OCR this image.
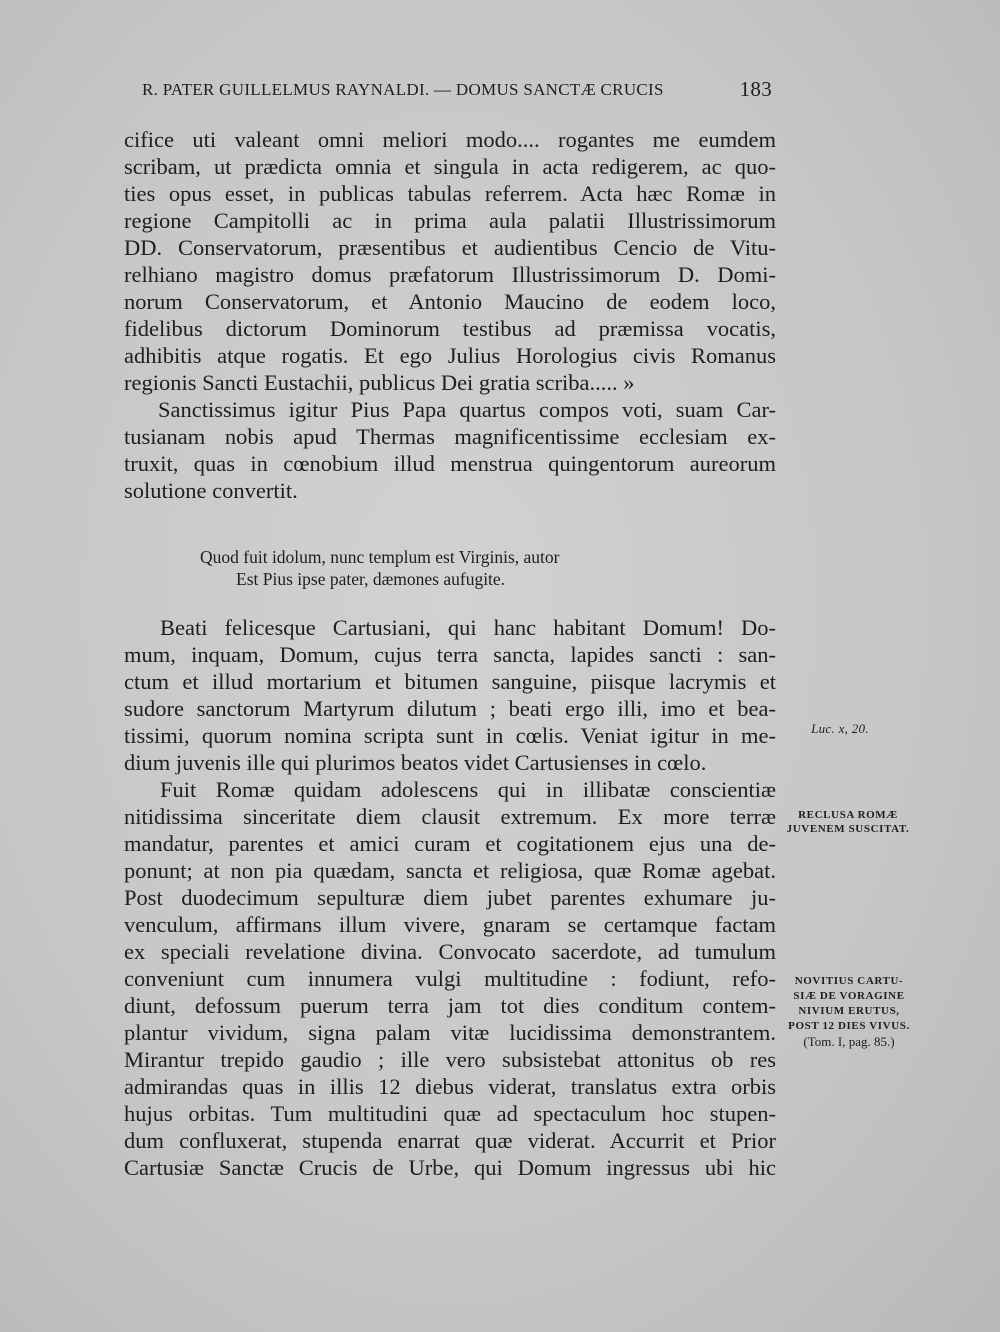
R. PATER GUILLELMUS RAYNALDI. — DOMUS SANCTÆ CRUCIS	183
cifice uti valeant omni meliori modo.... rogantes me eumdem
scribam, ut prædicta omnia et singula in acta redigerem, ac quo-
ties opus esset, in publicas tabulas referrem. Acta hæc Romæ in
regione Campitolli ac in prima aula palatii Illustrissimorum
DD. Conservatorum, præsentibus et audientibus Cencio de Vitu-
relhiano magistro domus præfatorum Illustrissimorum D. Domi-
norum Conservatorum, et Antonio Maucino de eodem loco,
fidelibus dictorum Dominorum testibus ad præmissa vocatis,
adhibitis atque rogatis. Et ego Julius Horologius civis Romanus
regionis Sancti Eustachii, publicus Dei gratia scriba..... »
Sanctissimus igitur Pius Papa quartus compos voti, suam Car-
tusianam nobis apud Thermas magnificentissime ecclesiam ex-
truxit, quas in cœnobium illud menstrua quingentorum aureorum
solutione convertit.
Quod fuit idolum, nunc templum est Virginis, autor
Est Pius ipse pater, dæmones aufugite.
Beati felicesque Cartusiani, qui hanc habitant Domum! Do-
mum, inquam, Domum, cujus terra sancta, lapides sancti : san-
ctum et illud mortarium et bitumen sanguine, piisque lacrymis et
sudore sanctorum Martyrum dilutum ; beati ergo illi, imo et bea-
tissimi, quorum nomina scripta sunt in cœlis. Veniat igitur in me-
dium juvenis ille qui plurimos beatos videt Cartusienses in cœlo.
Fuit Romæ quidam adolescens qui in illibatæ conscientiæ
nitidissima sinceritate diem clausit extremum. Ex more terræ
mandatur, parentes et amici curam et cogitationem ejus una de-
ponunt; at non pia quædam, sancta et religiosa, quæ Romæ agebat.
Post duodecimum sepulturæ diem jubet parentes exhumare ju-
venculum, affirmans illum vivere, gnaram se certamque factam
ex speciali revelatione divina. Convocato sacerdote, ad tumulum
conveniunt cum innumera vulgi multitudine : fodiunt, refo-
diunt, defossum puerum terra jam tot dies conditum contem-
plantur vividum, signa palam vitæ lucidissima demonstrantem.
Mirantur trepido gaudio ; ille vero subsistebat attonitus ob res
admirandas quas in illis 12 diebus viderat, translatus extra orbis
hujus orbitas. Tum multitudini quæ ad spectaculum hoc stupen-
dum confluxerat, stupenda enarrat quæ viderat. Accurrit et Prior
Cartusiæ Sanctæ Crucis de Urbe, qui Domum ingressus ubi hic
Luc. x, 20.
RECLUSA ROMÆ
JUVENEM SUSCITAT.
NOVITIUS CARTU-
SIÆ DE VORAGINE
NIVIUM ERUTUS,
POST 12 DIES VIVUS.
(Tom. I, pag. 85.)
